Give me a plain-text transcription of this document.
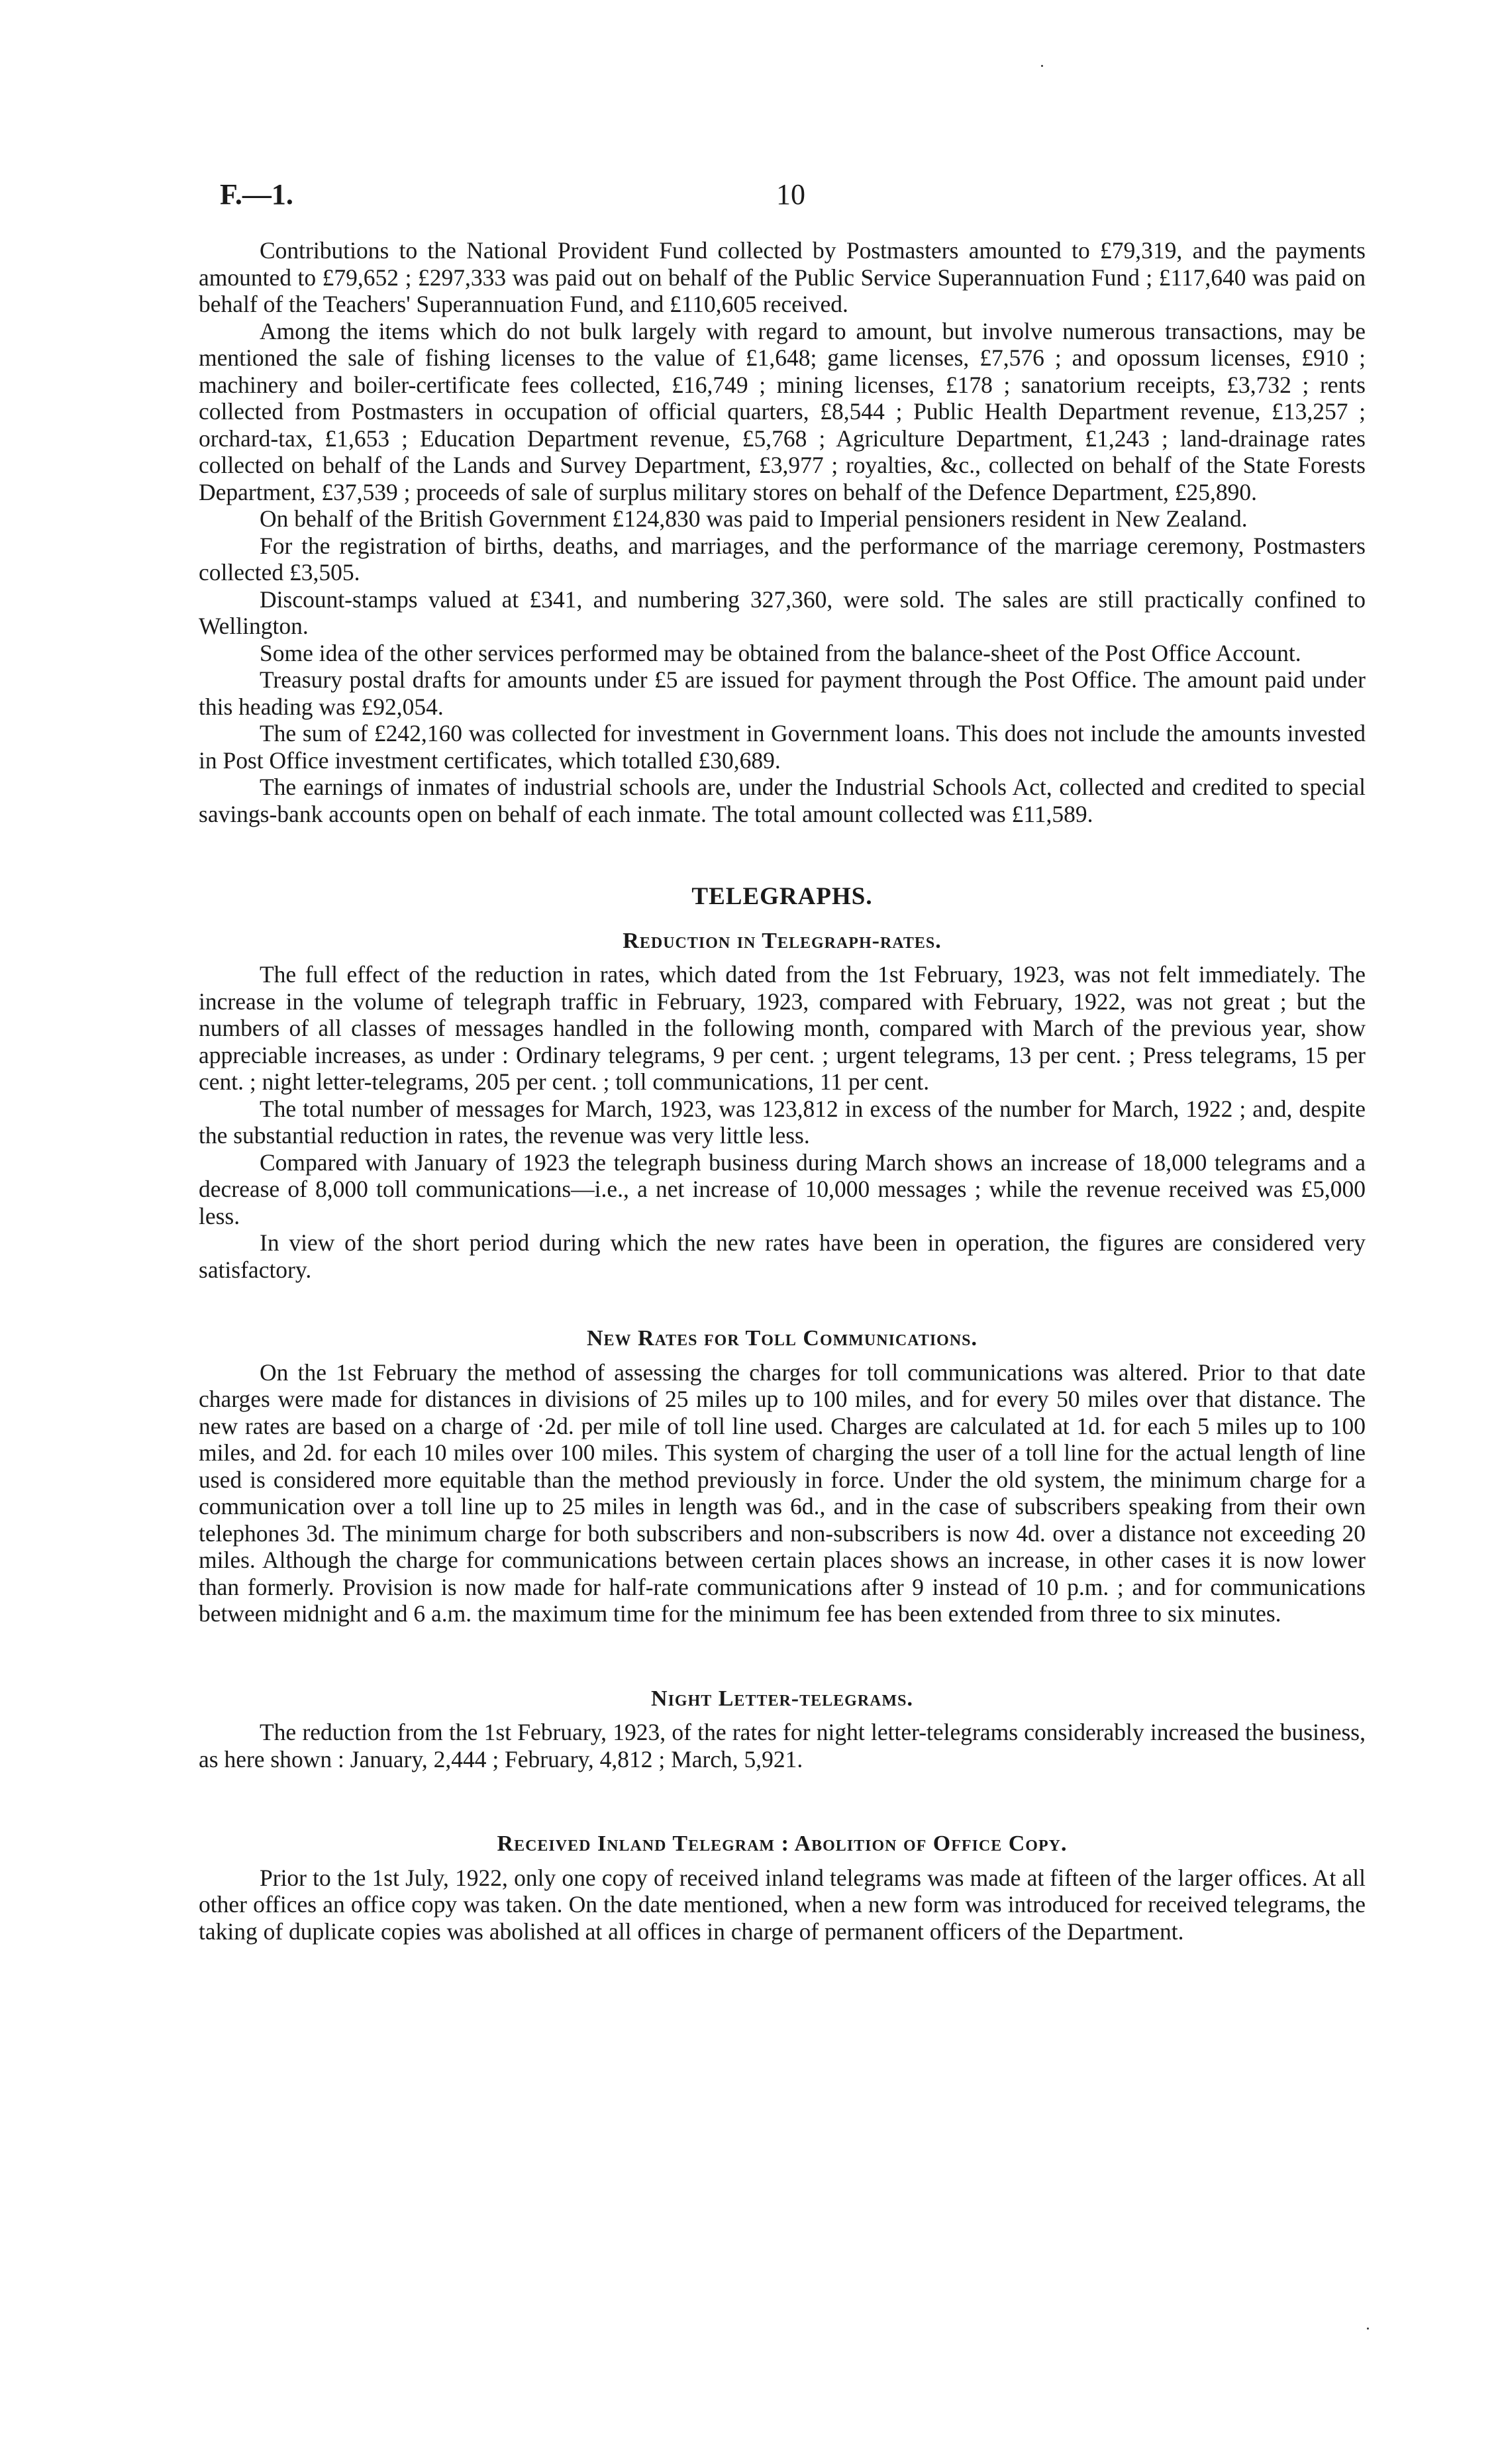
F.—1.	10

Contributions to the National Provident Fund collected by Postmasters amounted to £79,319, and the payments amounted to £79,652 ; £297,333 was paid out on behalf of the Public Service Superannuation Fund ; £117,640 was paid on behalf of the Teachers' Superannuation Fund, and £110,605 received.

Among the items which do not bulk largely with regard to amount, but involve numerous transactions, may be mentioned the sale of fishing licenses to the value of £1,648; game licenses, £7,576 ; and opossum licenses, £910 ; machinery and boiler-certificate fees collected, £16,749 ; mining licenses, £178 ; sanatorium receipts, £3,732 ; rents collected from Postmasters in occupation of official quarters, £8,544 ; Public Health Department revenue, £13,257 ; orchard-tax, £1,653 ; Education Department revenue, £5,768 ; Agriculture Department, £1,243 ; land-drainage rates collected on behalf of the Lands and Survey Department, £3,977 ; royalties, &c., collected on behalf of the State Forests Department, £37,539 ; proceeds of sale of surplus military stores on behalf of the Defence Department, £25,890.

On behalf of the British Government £124,830 was paid to Imperial pensioners resident in New Zealand.

For the registration of births, deaths, and marriages, and the performance of the marriage ceremony, Postmasters collected £3,505.

Discount-stamps valued at £341, and numbering 327,360, were sold. The sales are still practically confined to Wellington.

Some idea of the other services performed may be obtained from the balance-sheet of the Post Office Account.

Treasury postal drafts for amounts under £5 are issued for payment through the Post Office. The amount paid under this heading was £92,054.

The sum of £242,160 was collected for investment in Government loans. This does not include the amounts invested in Post Office investment certificates, which totalled £30,689.

The earnings of inmates of industrial schools are, under the Industrial Schools Act, collected and credited to special savings-bank accounts open on behalf of each inmate. The total amount collected was £11,589.

TELEGRAPHS.
Reduction in Telegraph-rates.

The full effect of the reduction in rates, which dated from the 1st February, 1923, was not felt immediately. The increase in the volume of telegraph traffic in February, 1923, compared with February, 1922, was not great ; but the numbers of all classes of messages handled in the following month, compared with March of the previous year, show appreciable increases, as under : Ordinary telegrams, 9 per cent. ; urgent telegrams, 13 per cent. ; Press telegrams, 15 per cent. ; night letter-telegrams, 205 per cent. ; toll communications, 11 per cent.

The total number of messages for March, 1923, was 123,812 in excess of the number for March, 1922 ; and, despite the substantial reduction in rates, the revenue was very little less.

Compared with January of 1923 the telegraph business during March shows an increase of 18,000 telegrams and a decrease of 8,000 toll communications—i.e., a net increase of 10,000 messages ; while the revenue received was £5,000 less.

In view of the short period during which the new rates have been in operation, the figures are considered very satisfactory.

New Rates for Toll Communications.

On the 1st February the method of assessing the charges for toll communications was altered. Prior to that date charges were made for distances in divisions of 25 miles up to 100 miles, and for every 50 miles over that distance. The new rates are based on a charge of ·2d. per mile of toll line used. Charges are calculated at 1d. for each 5 miles up to 100 miles, and 2d. for each 10 miles over 100 miles. This system of charging the user of a toll line for the actual length of line used is considered more equitable than the method previously in force. Under the old system, the minimum charge for a communication over a toll line up to 25 miles in length was 6d., and in the case of subscribers speaking from their own telephones 3d. The minimum charge for both subscribers and non-subscribers is now 4d. over a distance not exceeding 20 miles. Although the charge for communications between certain places shows an increase, in other cases it is now lower than formerly. Provision is now made for half-rate communications after 9 instead of 10 p.m. ; and for communications between midnight and 6 a.m. the maximum time for the minimum fee has been extended from three to six minutes.

Night Letter-telegrams.

The reduction from the 1st February, 1923, of the rates for night letter-telegrams considerably increased the business, as here shown : January, 2,444 ; February, 4,812 ; March, 5,921.

Received Inland Telegram : Abolition of Office Copy.

Prior to the 1st July, 1922, only one copy of received inland telegrams was made at fifteen of the larger offices. At all other offices an office copy was taken. On the date mentioned, when a new form was introduced for received telegrams, the taking of duplicate copies was abolished at all offices in charge of permanent officers of the Department.
